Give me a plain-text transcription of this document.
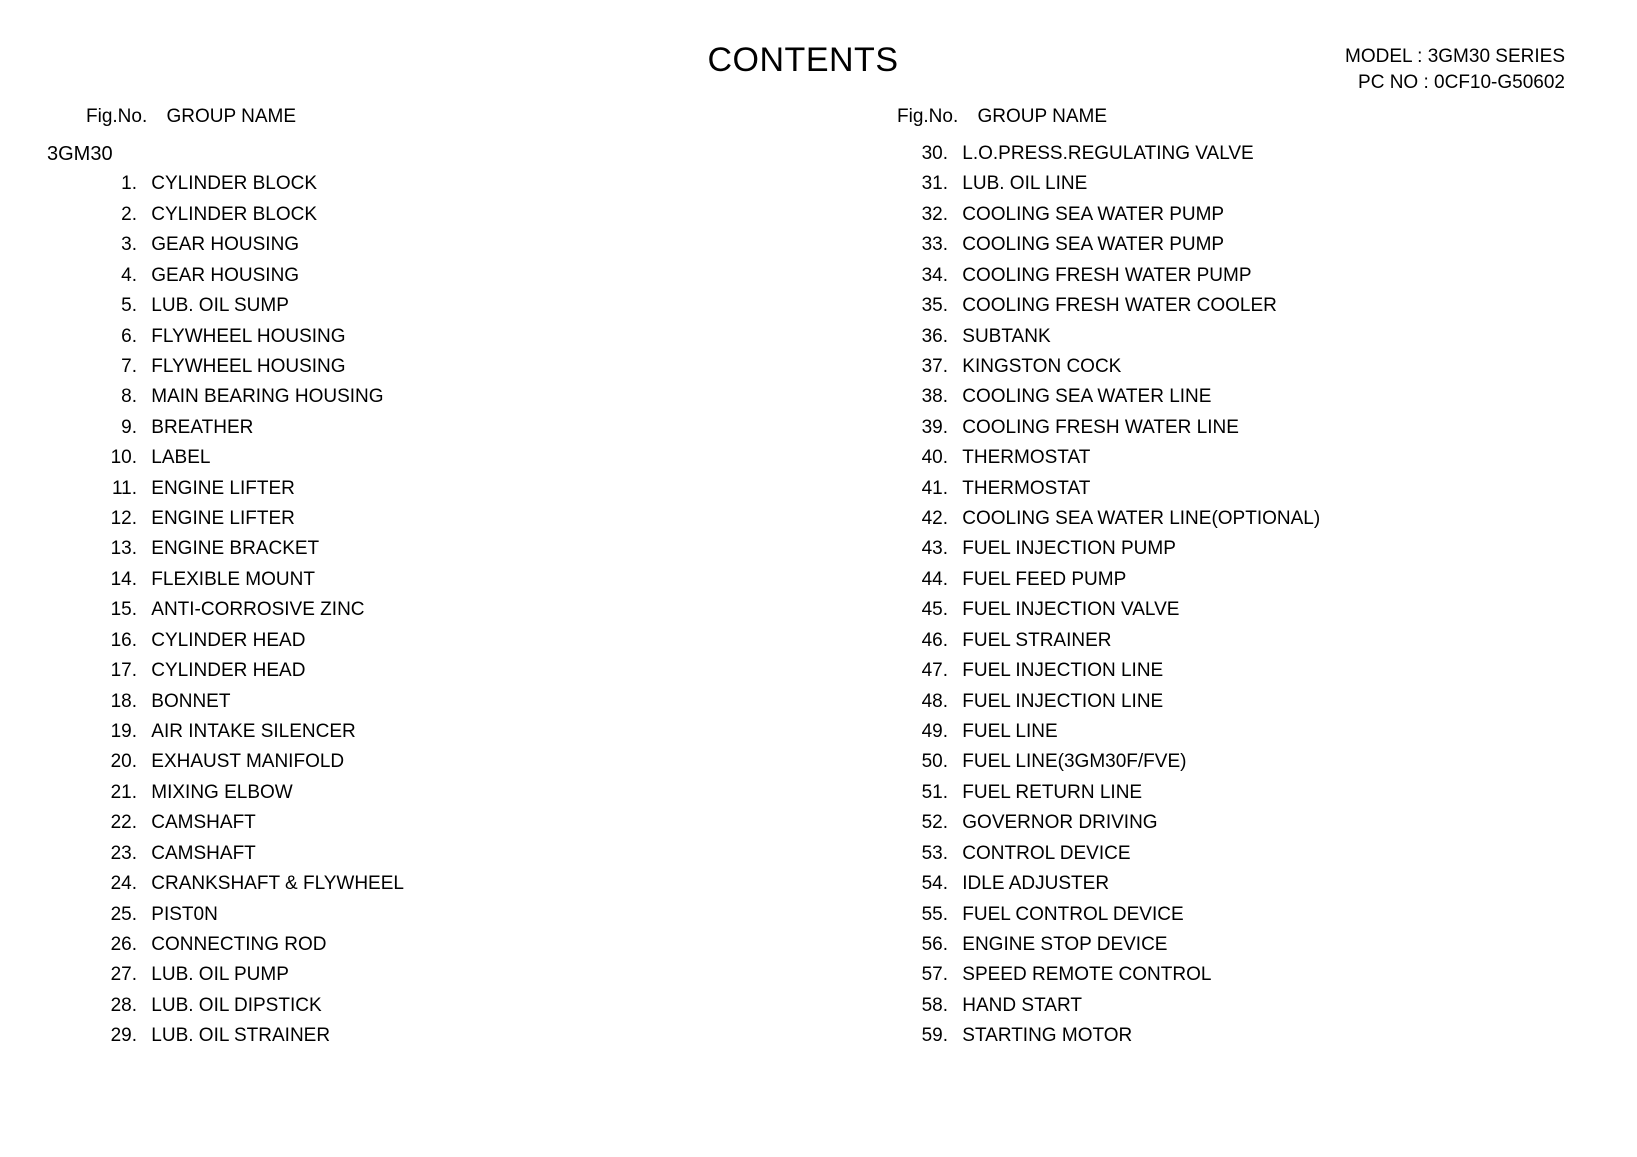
CONTENTS	MODEL : 3GM30 SERIES
PC NO : 0CF10-G50602
Fig.No. GROUP NAME
3GM30
1. CYLINDER BLOCK
2. CYLINDER BLOCK
3. GEAR HOUSING
4. GEAR HOUSING
5. LUB. OIL SUMP
6. FLYWHEEL HOUSING
7. FLYWHEEL HOUSING
8. MAIN BEARING HOUSING
9. BREATHER
10. LABEL
11. ENGINE LIFTER
12. ENGINE LIFTER
13. ENGINE BRACKET
14. FLEXIBLE MOUNT
15. ANTI-CORROSIVE ZINC
16. CYLINDER HEAD
17. CYLINDER HEAD
18. BONNET
19. AIR INTAKE SILENCER
20. EXHAUST MANIFOLD
21. MIXING ELBOW
22. CAMSHAFT
23. CAMSHAFT
24. CRANKSHAFT & FLYWHEEL
25. PIST0N
26. CONNECTING ROD
27. LUB. OIL PUMP
28. LUB. OIL DIPSTICK
29. LUB. OIL STRAINER
Fig.No. GROUP NAME
30. L.O.PRESS.REGULATING VALVE
31. LUB. OIL LINE
32. COOLING SEA WATER PUMP
33. COOLING SEA WATER PUMP
34. COOLING FRESH WATER PUMP
35. COOLING FRESH WATER COOLER
36. SUBTANK
37. KINGSTON COCK
38. COOLING SEA WATER LINE
39. COOLING FRESH WATER LINE
40. THERMOSTAT
41. THERMOSTAT
42. COOLING SEA WATER LINE(OPTIONAL)
43. FUEL INJECTION PUMP
44. FUEL FEED PUMP
45. FUEL INJECTION VALVE
46. FUEL STRAINER
47. FUEL INJECTION LINE
48. FUEL INJECTION LINE
49. FUEL LINE
50. FUEL LINE(3GM30F/FVE)
51. FUEL RETURN LINE
52. GOVERNOR DRIVING
53. CONTROL DEVICE
54. IDLE ADJUSTER
55. FUEL CONTROL DEVICE
56. ENGINE STOP DEVICE
57. SPEED REMOTE CONTROL
58. HAND START
59. STARTING MOTOR
